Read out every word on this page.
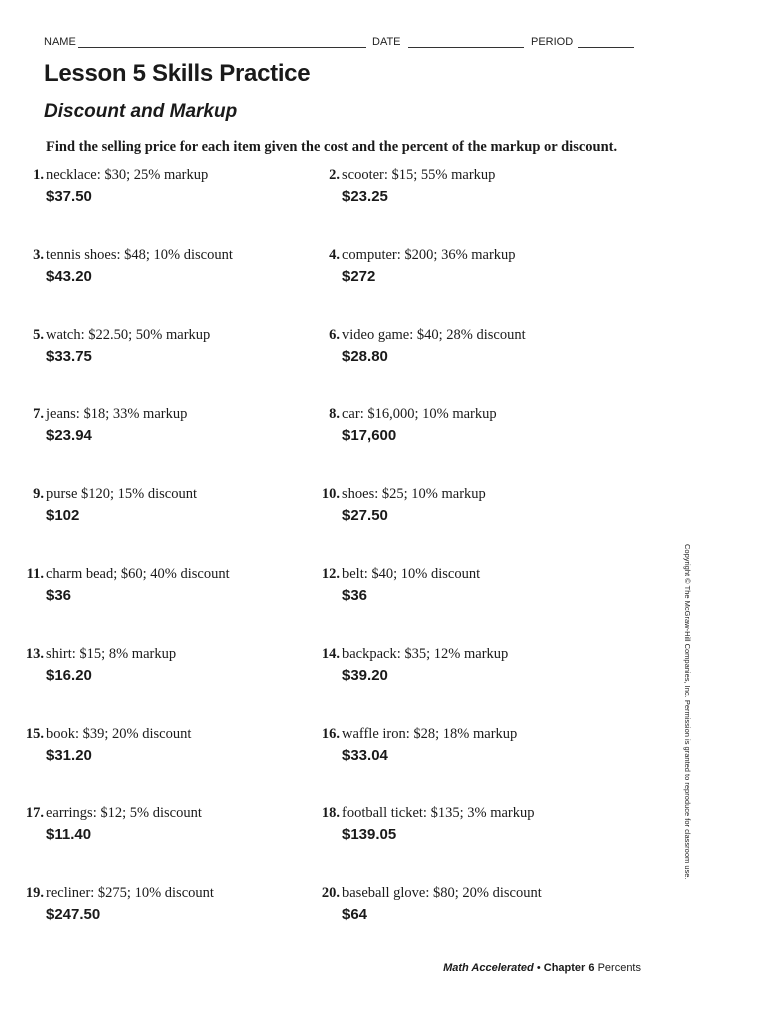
NAME	DATE	PERIOD
Lesson 5 Skills Practice
Discount and Markup

Find the selling price for each item given the cost and the percent of the markup or discount.

1. necklace: $30; 25% markup
$37.50
2. scooter: $15; 55% markup
$23.25
3. tennis shoes: $48; 10% discount
$43.20
4. computer: $200; 36% markup
$272
5. watch: $22.50; 50% markup
$33.75
6. video game: $40; 28% discount
$28.80
7. jeans: $18; 33% markup
$23.94
8. car: $16,000; 10% markup
$17,600
9. purse $120; 15% discount
$102
10. shoes: $25; 10% markup
$27.50
11. charm bead; $60; 40% discount
$36
12. belt: $40; 10% discount
$36
13. shirt: $15; 8% markup
$16.20
14. backpack: $35; 12% markup
$39.20
15. book: $39; 20% discount
$31.20
16. waffle iron: $28; 18% markup
$33.04
17. earrings: $12; 5% discount
$11.40
18. football ticket: $135; 3% markup
$139.05
19. recliner: $275; 10% discount
$247.50
20. baseball glove: $80; 20% discount
$64
Copyright © The McGraw-Hill Companies, Inc. Permission is granted to reproduce for classroom use.
Math Accelerated • Chapter 6 Percents
